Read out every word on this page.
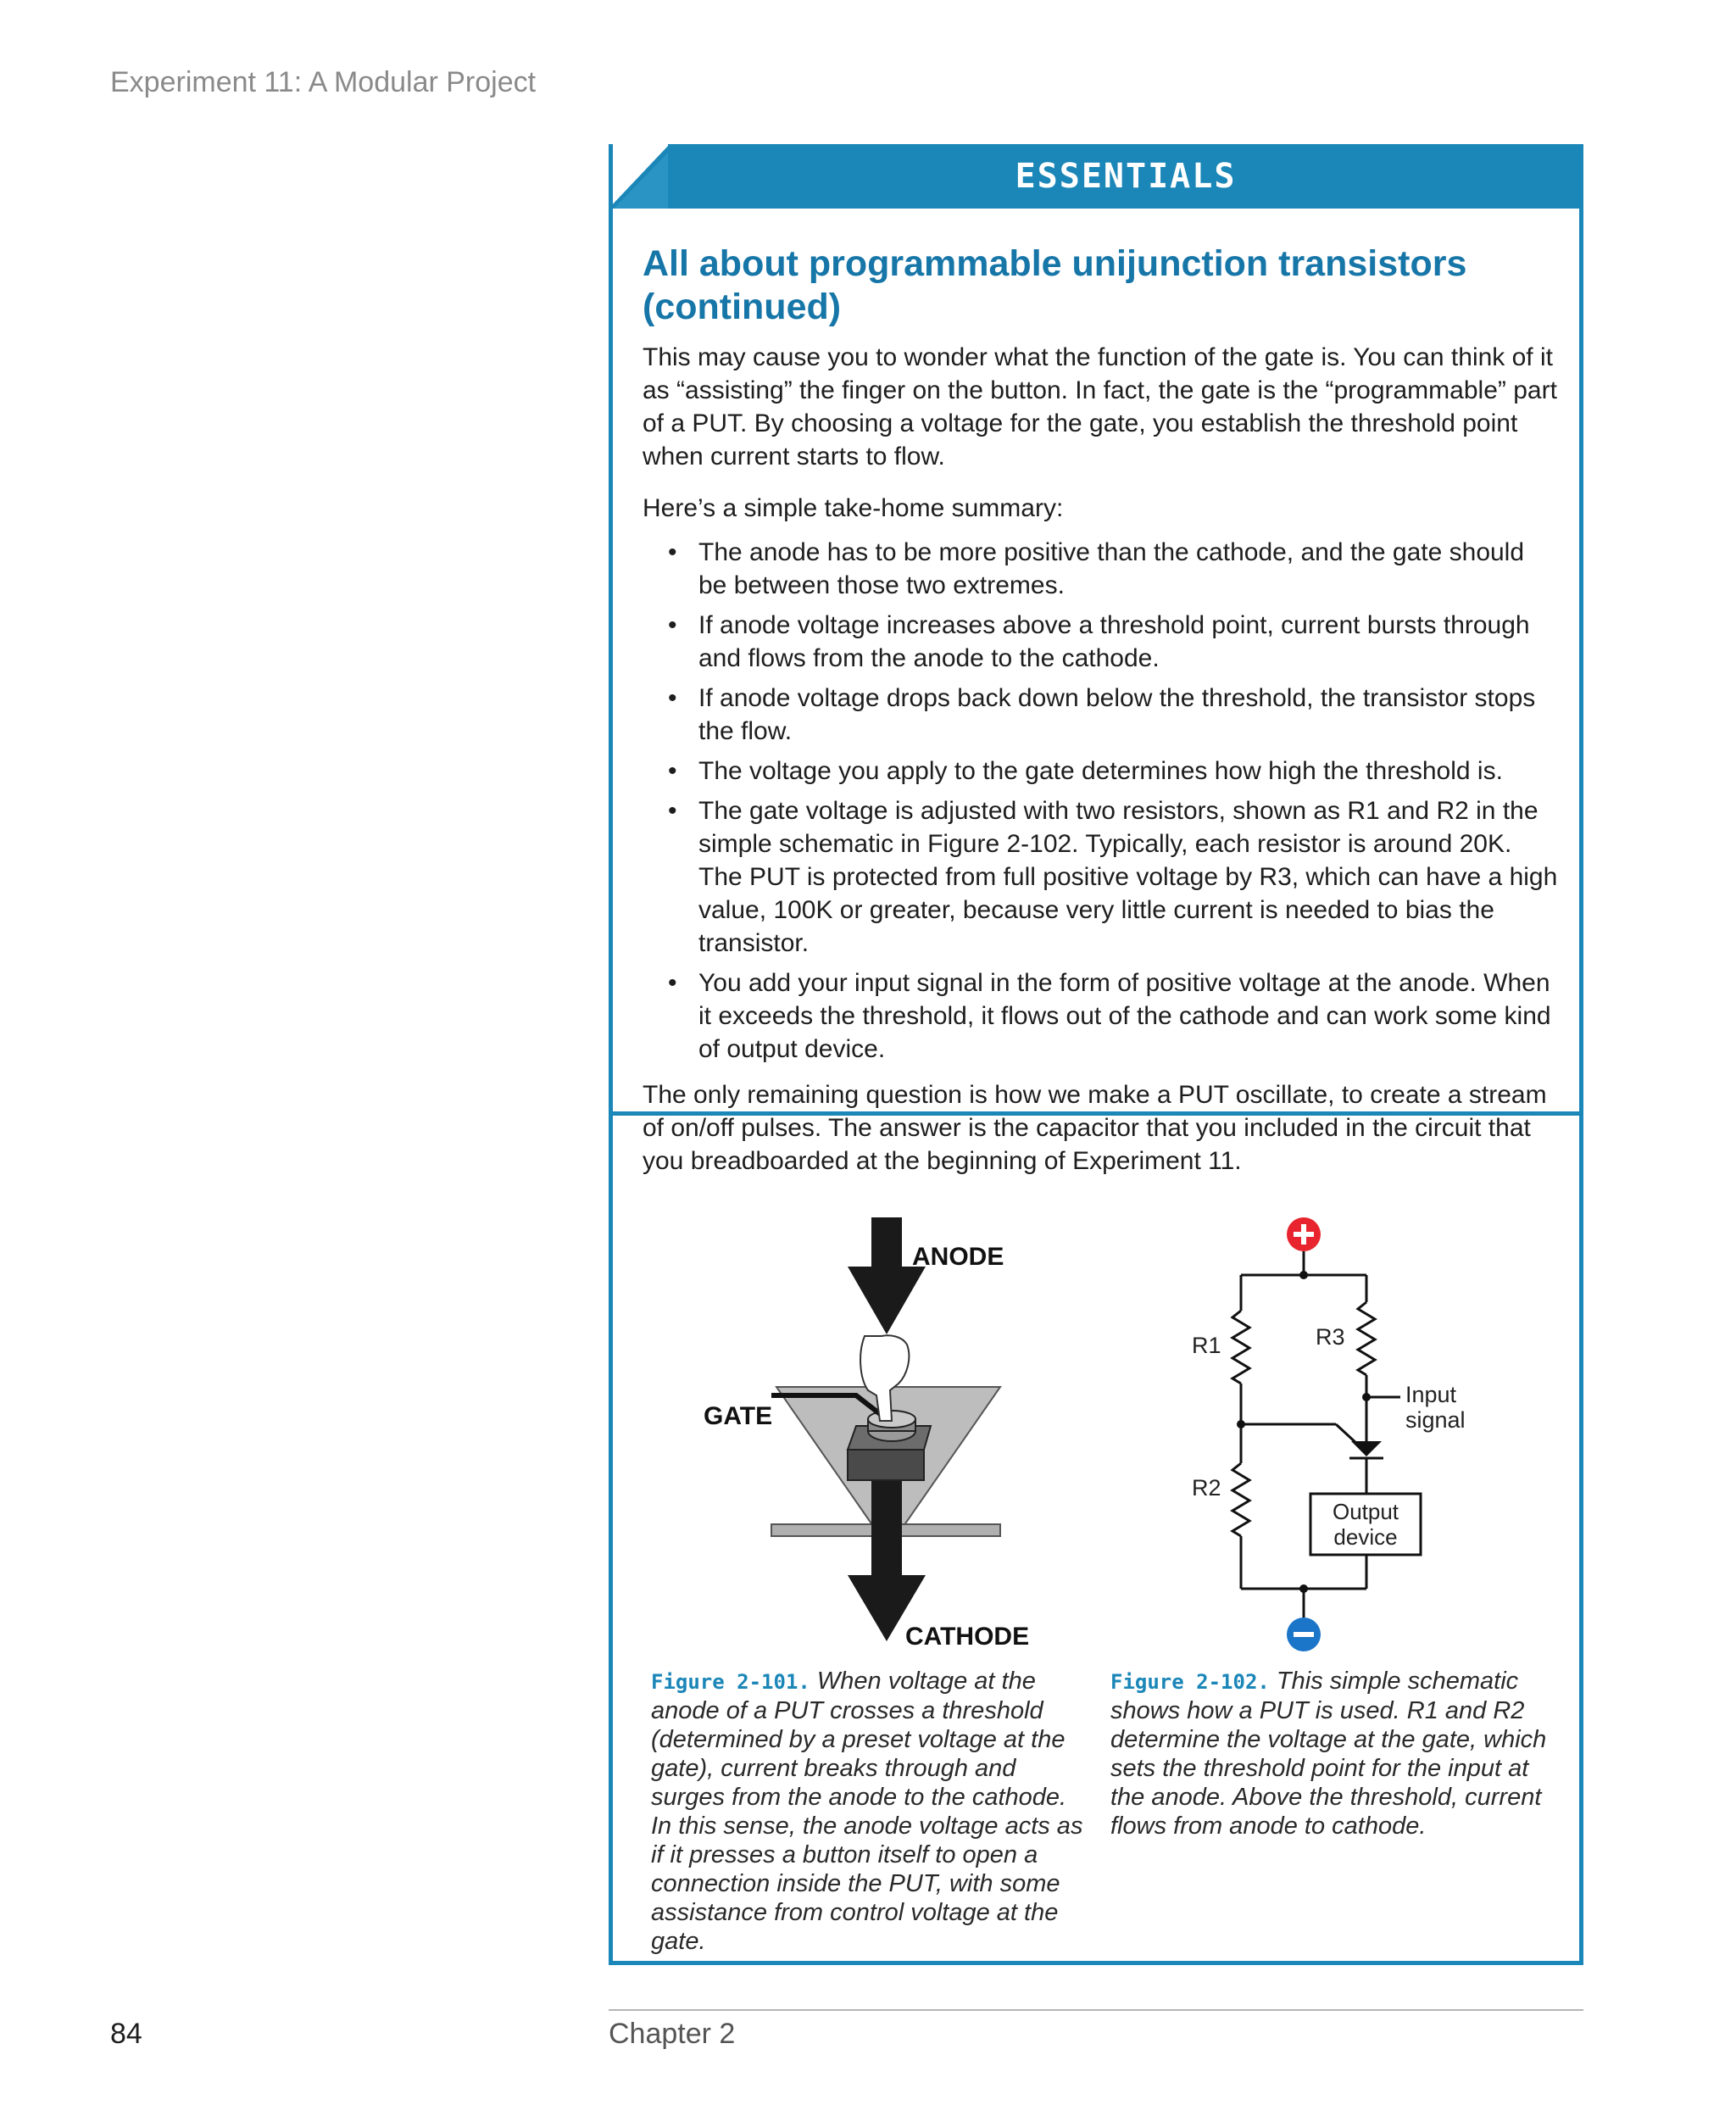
Experiment 11: A Modular Project
ESSENTIALS
All about programmable unijunction transistors (continued)
This may cause you to wonder what the function of the gate is. You can think of it as “assisting” the finger on the button. In fact, the gate is the “programmable” part of a PUT. By choosing a voltage for the gate, you establish the threshold point when current starts to flow.
Here’s a simple take-home summary:
• The anode has to be more positive than the cathode, and the gate should be between those two extremes.
• If anode voltage increases above a threshold point, current bursts through and flows from the anode to the cathode.
• If anode voltage drops back down below the threshold, the transistor stops the flow.
• The voltage you apply to the gate determines how high the threshold is.
• The gate voltage is adjusted with two resistors, shown as R1 and R2 in the simple schematic in Figure 2-102. Typically, each resistor is around 20K. The PUT is protected from full positive voltage by R3, which can have a high value, 100K or greater, because very little current is needed to bias the transistor.
• You add your input signal in the form of positive voltage at the anode. When it exceeds the threshold, it flows out of the cathode and can work some kind of output device.
The only remaining question is how we make a PUT oscillate, to create a stream of on/off pulses. The answer is the capacitor that you included in the circuit that you breadboarded at the beginning of Experiment 11.
ANODE
GATE
CATHODE
R1	R3
R2
Input
signal
Output
device
Figure 2-101. When voltage at the anode of a PUT crosses a threshold (determined by a preset voltage at the gate), current breaks through and surges from the anode to the cathode. In this sense, the anode voltage acts as if it presses a button itself to open a connection inside the PUT, with some assistance from control voltage at the gate.
Figure 2-102. This simple schematic shows how a PUT is used. R1 and R2 determine the voltage at the gate, which sets the threshold point for the input at the anode. Above the threshold, current flows from anode to cathode.
84	Chapter 2
